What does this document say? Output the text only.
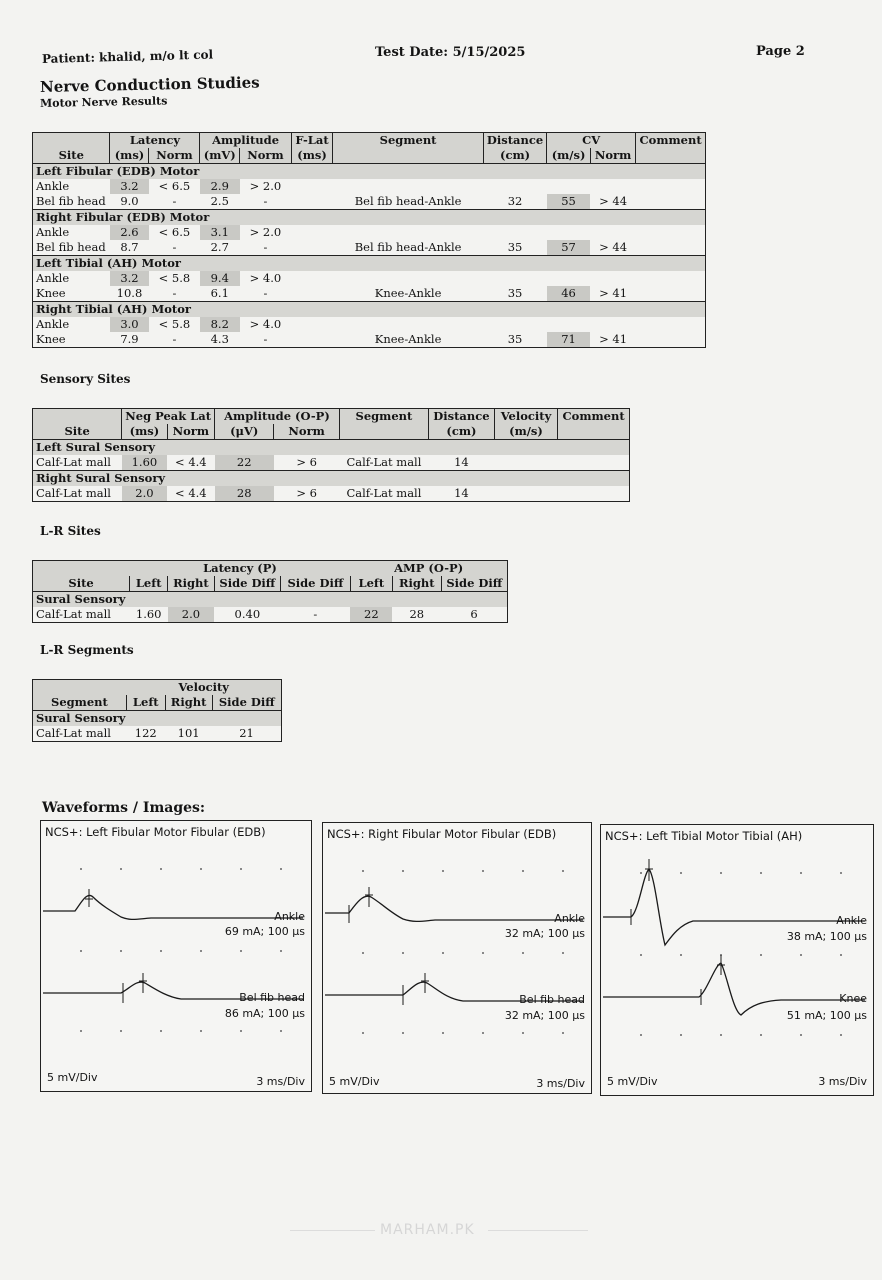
Patient: khalid, m/o lt col	Test Date: 5/15/2025	Page 2
Nerve Conduction Studies
Motor Nerve Results
	Latency		Amplitude		F-Lat	Segment	Distance	CV		Comment
Site	(ms)	Norm	(mV)	Norm	(ms)		(cm)	(m/s)	Norm	
Left Fibular (EDB) Motor										
Ankle	3.2	< 6.5	2.9	> 2.0						
Bel fib head	9.0	-	2.5	-		Bel fib head-Ankle	32	55	> 44	
Right Fibular (EDB) Motor										
Ankle	2.6	< 6.5	3.1	> 2.0						
Bel fib head	8.7	-	2.7	-		Bel fib head-Ankle	35	57	> 44	
Left Tibial (AH) Motor										
Ankle	3.2	< 5.8	9.4	> 4.0						
Knee	10.8	-	6.1	-		Knee-Ankle	35	46	> 41	
Right Tibial (AH) Motor										
Ankle	3.0	< 5.8	8.2	> 4.0						
Knee	7.9	-	4.3	-		Knee-Ankle	35	71	> 41	
Sensory Sites
	Neg Peak Lat		Amplitude (O-P)		Segment	Distance	Velocity	Comment
Site	(ms)	Norm	(μV)	Norm		(cm)	(m/s)	
Left Sural Sensory								
Calf-Lat mall	1.60	< 4.4	22	> 6	Calf-Lat mall	14		
Right Sural Sensory								
Calf-Lat mall	2.0	< 4.4	28	> 6	Calf-Lat mall	14		
L-R Sites
	Latency (P)				AMP (O-P)		
Site	Left	Right	Side Diff	Side Diff	Left	Right	Side Diff
Sural Sensory							
Calf-Lat mall	1.60	2.0	0.40	-	22	28	6
L-R Segments
	Velocity		
Segment	Left	Right	Side Diff
Sural Sensory			
Calf-Lat mall	122	101	21
Waveforms / Images:
NCS+: Left Fibular Motor Fibular (EDB)
Ankle
69 mA; 100 μs
Bel fib head
86 mA; 100 μs
5 mV/Div	3 ms/Div
NCS+: Right Fibular Motor Fibular (EDB)
Ankle
32 mA; 100 μs
Bel fib head
32 mA; 100 μs
5 mV/Div	3 ms/Div
NCS+: Left Tibial Motor Tibial (AH)
Ankle
38 mA; 100 μs
Knee
51 mA; 100 μs
5 mV/Div	3 ms/Div
MARHAM.PK
